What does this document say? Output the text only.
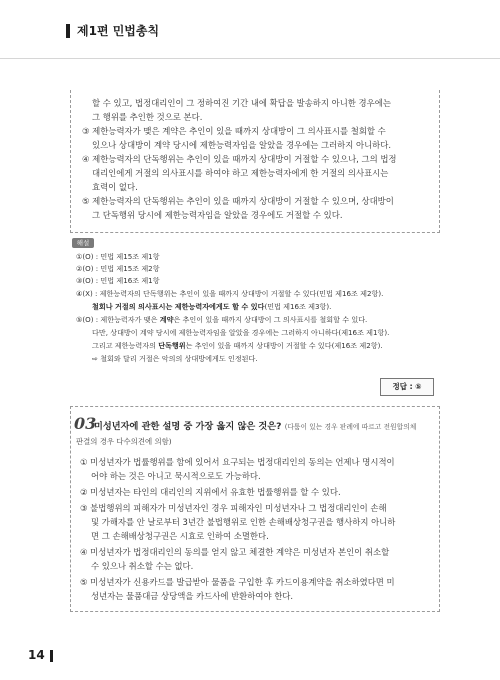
제1편 민법총칙
할 수 있고, 법정대리인이 그 정하여진 기간 내에 확답을 발송하지 아니한 경우에는
그 행위를 추인한 것으로 본다.
③ 제한능력자가 맺은 계약은 추인이 있을 때까지 상대방이 그 의사표시를 철회할 수
있으나 상대방이 계약 당시에 제한능력자임을 알았을 경우에는 그러하지 아니하다.
④ 제한능력자의 단독행위는 추인이 있을 때까지 상대방이 거절할 수 있으나, 그의 법정
대리인에게 거절의 의사표시를 하여야 하고 제한능력자에게 한 거절의 의사표시는
효력이 없다.
⑤ 제한능력자의 단독행위는 추인이 있을 때까지 상대방이 거절할 수 있으며, 상대방이
그 단독행위 당시에 제한능력자임을 알았을 경우에도 거절할 수 있다.
해설
①(O) : 민법 제15조 제1항
②(O) : 민법 제15조 제2항
③(O) : 민법 제16조 제1항
④(X) : 제한능력자의 단독행위는 추인이 있을 때까지 상대방이 거절할 수 있다(민법 제16조 제2항).
철회나 거절의 의사표시는 제한능력자에게도 할 수 있다(민법 제16조 제3항).
⑤(O) : 제한능력자가 맺은 계약은 추인이 있을 때까지 상대방이 그 의사표시를 철회할 수 있다.
다만, 상대방이 계약 당시에 제한능력자임을 알았을 경우에는 그러하지 아니하다(제16조 제1항).
그리고 제한능력자의 단독행위는 추인이 있을 때까지 상대방이 거절할 수 있다(제16조 제2항).
⇨ 철회와 달리 거절은 악의의 상대방에게도 인정된다.
정답 : ⑤
03
미성년자에 관한 설명 중 가장 옳지 않은 것은? (다툼이 있는 경우 판례에 따르고 전원합의체
판결의 경우 다수의견에 의함)
① 미성년자가 법률행위를 함에 있어서 요구되는 법정대리인의 동의는 언제나 명시적이
어야 하는 것은 아니고 묵시적으로도 가능하다.
② 미성년자는 타인의 대리인의 지위에서 유효한 법률행위를 할 수 있다.
③ 불법행위의 피해자가 미성년자인 경우 피해자인 미성년자나 그 법정대리인이 손해
및 가해자를 안 날로부터 3년간 불법행위로 인한 손해배상청구권을 행사하지 아니하
면 그 손해배상청구권은 시효로 인하여 소멸한다.
④ 미성년자가 법정대리인의 동의를 얻지 않고 체결한 계약은 미성년자 본인이 취소할
수 있으나 취소할 수는 없다.
⑤ 미성년자가 신용카드를 발급받아 물품을 구입한 후 카드이용계약을 취소하였다면 미
성년자는 물품대금 상당액을 카드사에 반환하여야 한다.
14
